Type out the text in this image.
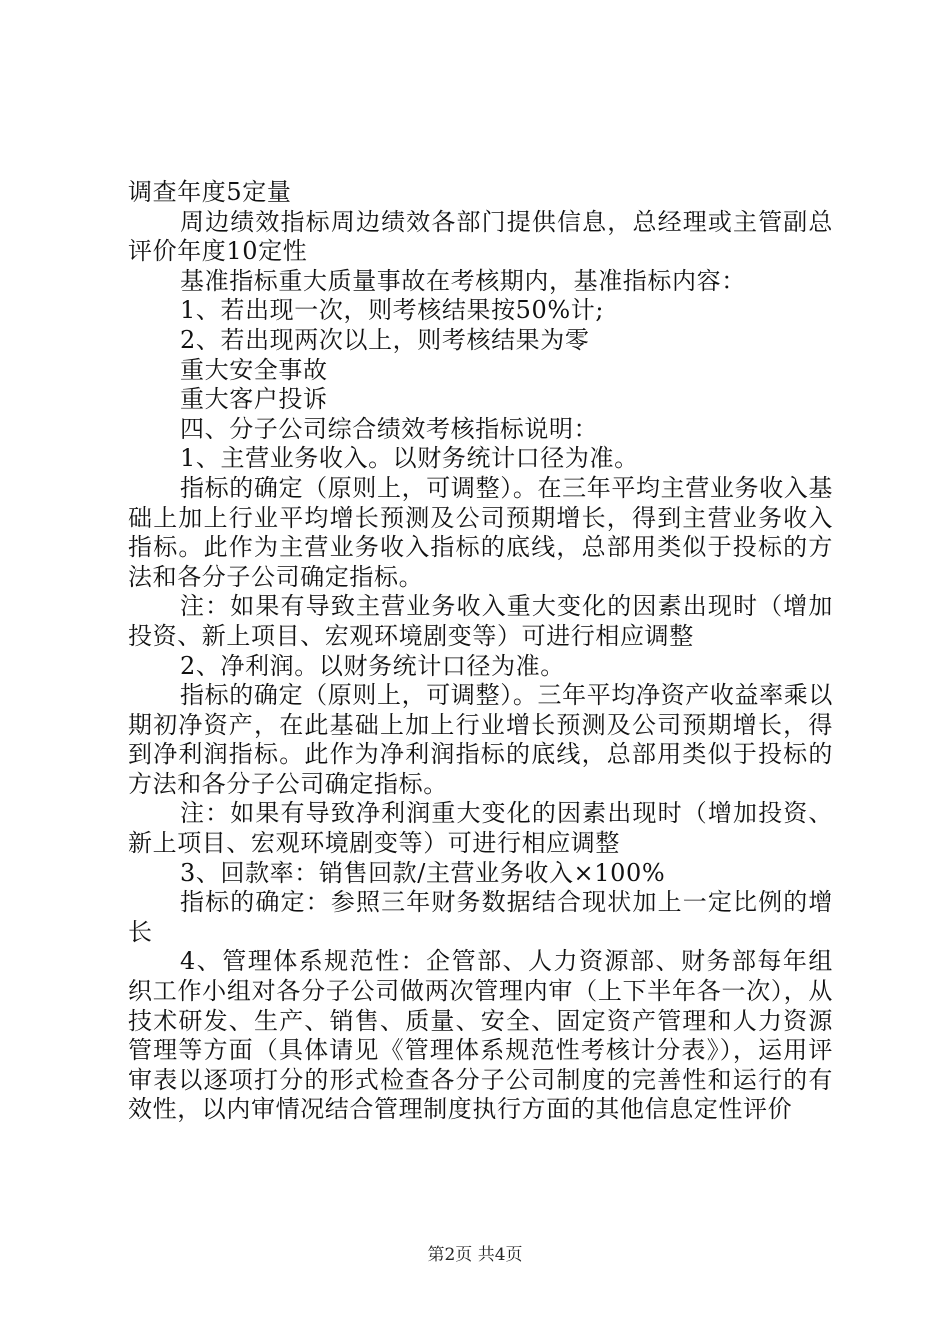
调查年度5定量

周边绩效指标周边绩效各部门提供信息，总经理或主管副总评价年度10定性

基准指标重大质量事故在考核期内，基准指标内容：

1、若出现一次，则考核结果按50%计;

2、若出现两次以上，则考核结果为零

重大安全事故

重大客户投诉

四、分子公司综合绩效考核指标说明：

1、主营业务收入。以财务统计口径为准。

指标的确定（原则上，可调整）。在三年平均主营业务收入基础上加上行业平均增长预测及公司预期增长，得到主营业务收入指标。此作为主营业务收入指标的底线，总部用类似于投标的方法和各分子公司确定指标。

注：如果有导致主营业务收入重大变化的因素出现时（增加投资、新上项目、宏观环境剧变等）可进行相应调整

2、净利润。以财务统计口径为准。

指标的确定（原则上，可调整）。三年平均净资产收益率乘以期初净资产，在此基础上加上行业增长预测及公司预期增长，得到净利润指标。此作为净利润指标的底线，总部用类似于投标的方法和各分子公司确定指标。

注：如果有导致净利润重大变化的因素出现时（增加投资、新上项目、宏观环境剧变等）可进行相应调整

3、回款率：销售回款/主营业务收入×100%

指标的确定：参照三年财务数据结合现状加上一定比例的增长

4、管理体系规范性：企管部、人力资源部、财务部每年组织工作小组对各分子公司做两次管理内审（上下半年各一次），从技术研发、生产、销售、质量、安全、固定资产管理和人力资源管理等方面（具体请见《管理体系规范性考核计分表》），运用评审表以逐项打分的形式检查各分子公司制度的完善性和运行的有效性，以内审情况结合管理制度执行方面的其他信息定性评价

第2页 共4页
